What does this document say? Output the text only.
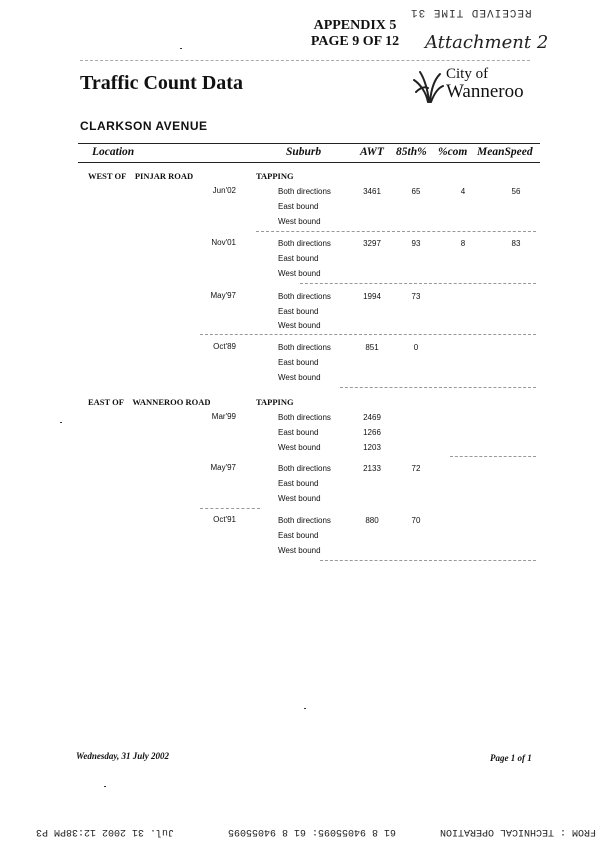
RECEIVED TIME 31
APPENDIX 5
PAGE 9 OF 12	Attachment 2
Traffic Count Data	City of
Wanneroo
CLARKSON AVENUE
Location	Suburb	AWT 85th% %com MeanSpeed
WEST OF PINJAR ROAD	TAPPING
Jun'02	Both directions	3461	65	4	56
East bound
West bound
Nov'01	Both directions	3297	93	8	83
East bound
West bound
May'97	Both directions	1994	73
East bound
West bound
Oct'89	Both directions	851	0
East bound
West bound
EAST OF WANNEROO ROAD	TAPPING
Mar'99	Both directions	2469
East bound	1266
West bound	1203
May'97	Both directions	2133	72
East bound
West bound
Oct'91	Both directions	880	70
East bound
West bound
Wednesday, 31 July 2002	Page 1 of 1
Jul. 31 2002 12:38PM P3	61 8 94055095: 61 8 94055095	FROM : TECHNICAL OPERATION
